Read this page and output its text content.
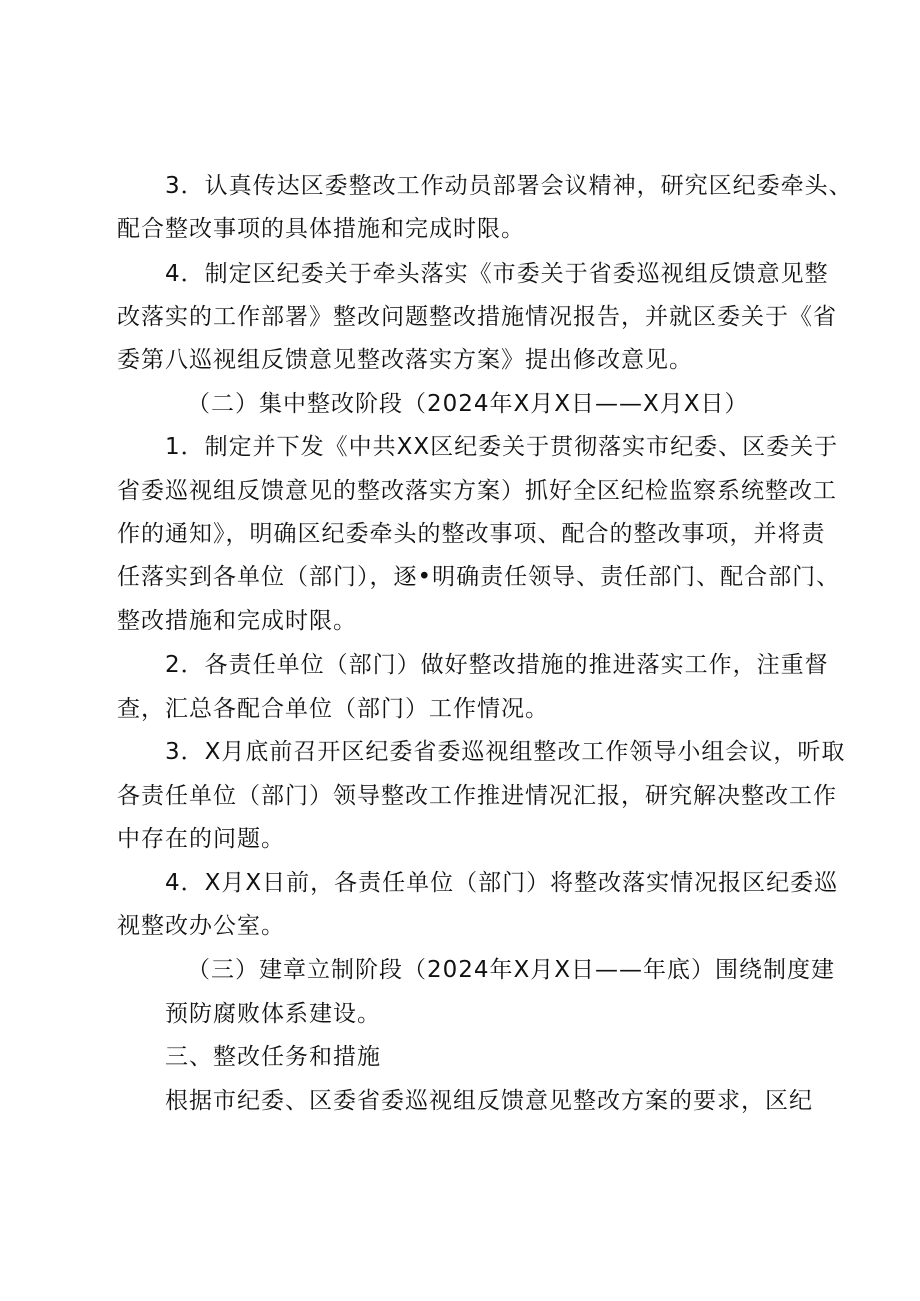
3．认真传达区委整改工作动员部署会议精神，研究区纪委牵头、

配合整改事项的具体措施和完成时限。

4．制定区纪委关于牵头落实《市委关于省委巡视组反馈意见整

改落实的工作部署》整改问题整改措施情况报告，并就区委关于《省

委第八巡视组反馈意见整改落实方案》提出修改意见。

（二）集中整改阶段（2024年X月X日——X月X日）

1．制定并下发《中共XX区纪委关于贯彻落实市纪委、区委关于

省委巡视组反馈意见的整改落实方案）抓好全区纪检监察系统整改工

作的通知》，明确区纪委牵头的整改事项、配合的整改事项，并将责

任落实到各单位（部门），逐•明确责任领导、责任部门、配合部门、

整改措施和完成时限。

2．各责任单位（部门）做好整改措施的推进落实工作，注重督

查，汇总各配合单位（部门）工作情况。

3．X月底前召开区纪委省委巡视组整改工作领导小组会议，听取

各责任单位（部门）领导整改工作推进情况汇报，研究解决整改工作

中存在的问题。

4．X月X日前，各责任单位（部门）将整改落实情况报区纪委巡

视整改办公室。

（三）建章立制阶段（2024年X月X日——年底）围绕制度建

预防腐败体系建设。

三、整改任务和措施

根据市纪委、区委省委巡视组反馈意见整改方案的要求，区纪
